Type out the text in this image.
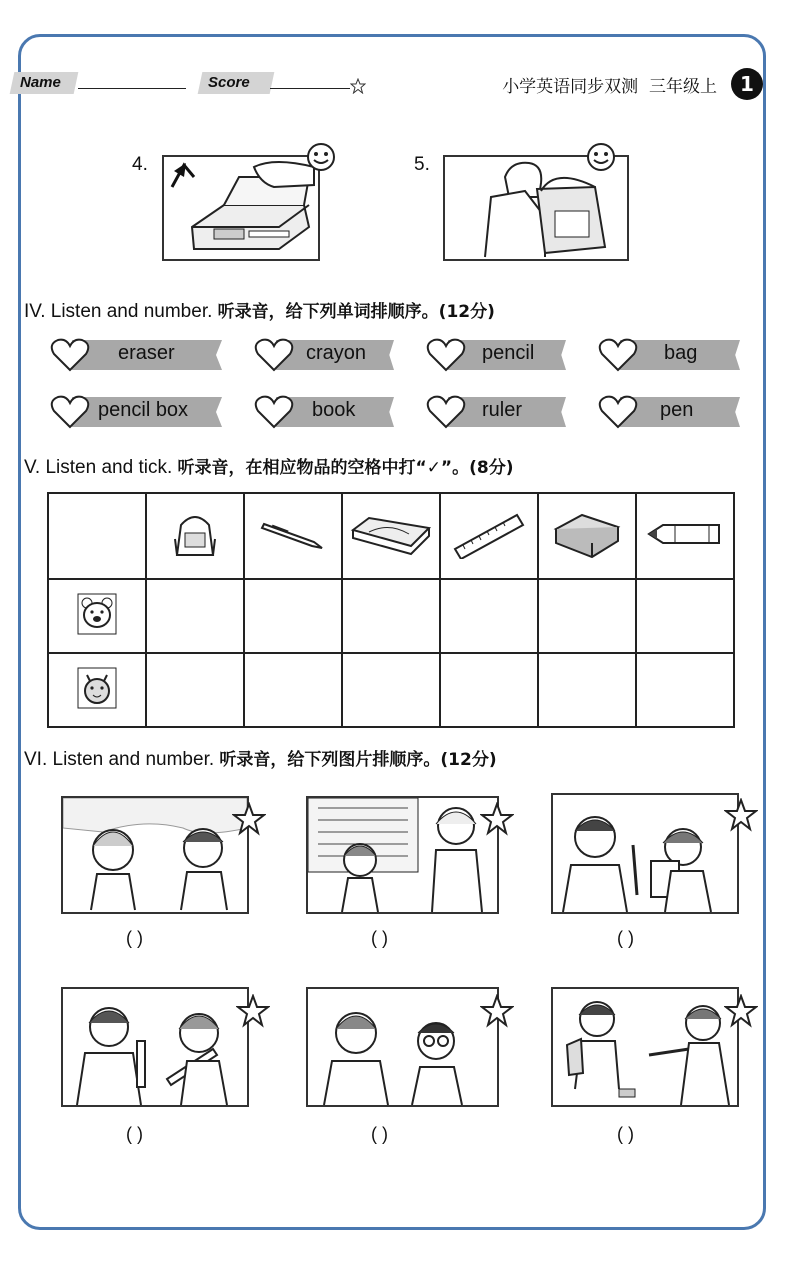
Name	Score	小学英语同步双测 三年级上	1
4.	5.
IV. Listen and number. 听录音，给下列单词排顺序。(12分)
eraser	crayon	pencil	bag
pencil box	book	ruler	pen
V. Listen and tick. 听录音，在相应物品的空格中打“✓”。(8分)

VI. Listen and number. 听录音，给下列图片排顺序。(12分)
( )	( )	( )
( )	( )	( )
